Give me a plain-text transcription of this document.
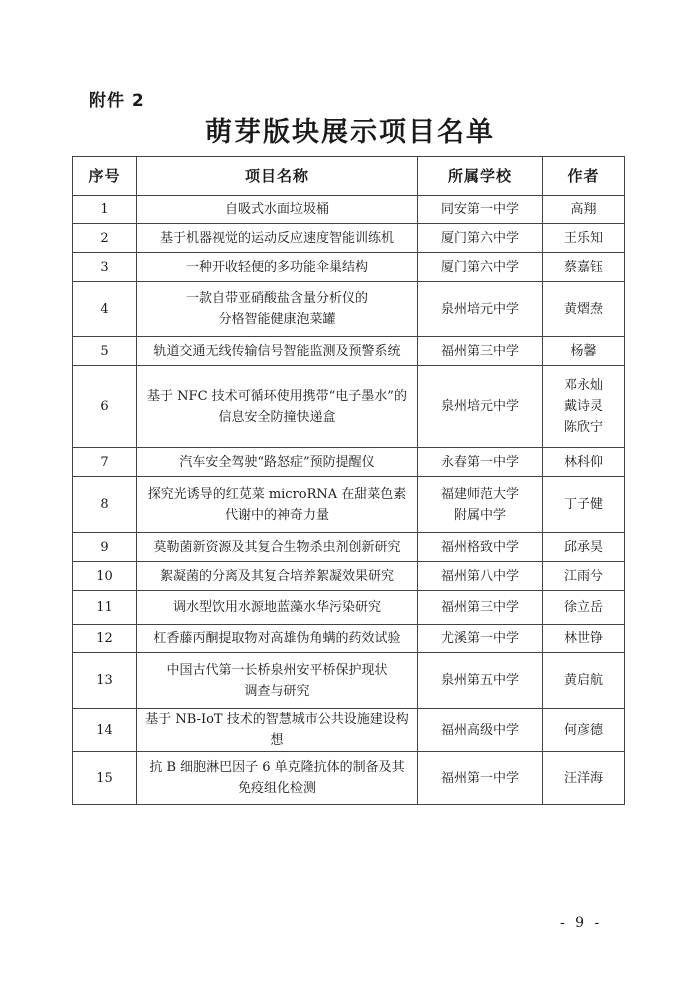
附件 2
萌芽版块展示项目名单
序号	项目名称	所属学校	作者
1	自吸式水面垃圾桶	同安第一中学	高翔
2	基于机器视觉的运动反应速度智能训练机	厦门第六中学	王乐知
3	一种开收轻便的多功能伞巢结构	厦门第六中学	蔡嘉钰
4	一款自带亚硝酸盐含量分析仪的
分格智能健康泡菜罐	泉州培元中学	黄熠焘
5	轨道交通无线传输信号智能监测及预警系统	福州第三中学	杨馨
6	基于 NFC 技术可循环使用携带“电子墨水”的
信息安全防撞快递盒	泉州培元中学	邓永灿
戴诗灵
陈欣宁
7	汽车安全驾驶“路怒症”预防提醒仪	永春第一中学	林科仰
8	探究光诱导的红苋菜 microRNA 在甜菜色素
代谢中的神奇力量	福建师范大学
附属中学	丁子健
9	莫勒菌新资源及其复合生物杀虫剂创新研究	福州格致中学	邱承昊
10	絮凝菌的分离及其复合培养絮凝效果研究	福州第八中学	江雨兮
11	调水型饮用水源地蓝藻水华污染研究	福州第三中学	徐立岳
12	杠香藤丙酮提取物对高雄伪角螨的药效试验	尤溪第一中学	林世铮
13	中国古代第一长桥泉州安平桥保护现状
调查与研究	泉州第五中学	黄启航
14	基于 NB-IoT 技术的智慧城市公共设施建设构想	福州高级中学	何彦德
15	抗 B 细胞淋巴因子 6 单克隆抗体的制备及其
免疫组化检测	福州第一中学	汪洋海
- 9 -
